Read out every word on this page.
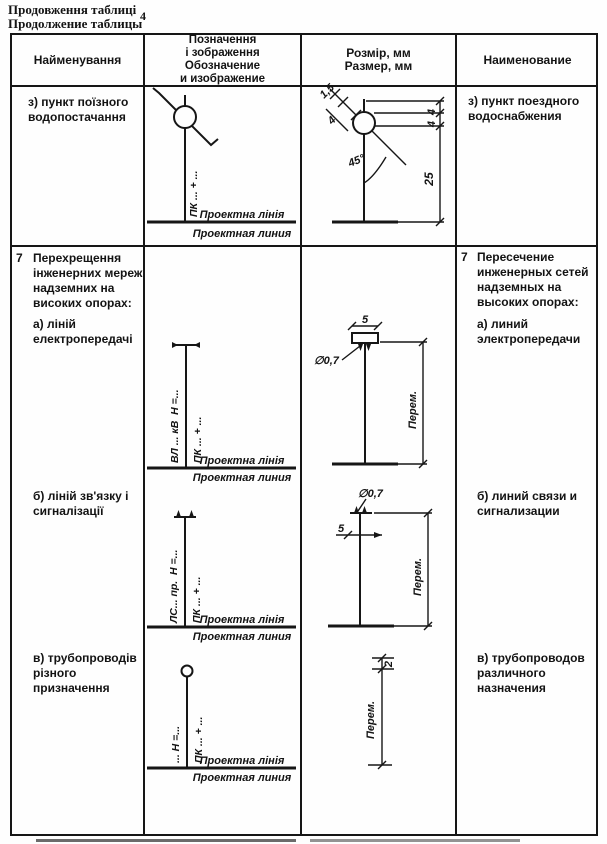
Продовження таблиці
Продолжение таблицы
4
Найменування
Позначення
і зображення
Обозначение
и изображение
Розмір, мм
Размер, мм	Наименование
з) пункт поїзного водопостачання
з) пункт поездного водоснабжения
ПК ... + ... Проектна лінія
Проектная линия
1,5
4
4
4
25
45°
7 Перехрещення інженерних мереж надземних на високих опорах:
а) ліній електропередачі
б) ліній зв'язку і сигналізації
в) трубопроводів різного призначення
7 Пересечение инженерных сетей надземных на высоких опорах:
а) линий электропередачи
б) линий связи и сигнализации
в) трубопроводов различного назначения
ВЛ ... кВ  Н =... ПК ... + ...
Проектна лінія
Проектная линия
5
∅0,7
Перем.
ЛС... пр.  Н =... ПК ... + ...
Проектна лінія
Проектная линия
∅0,7
5
Перем.
... Н =... ПК ... + ...
Проектна лінія
Проектная линия
2
Перем.
